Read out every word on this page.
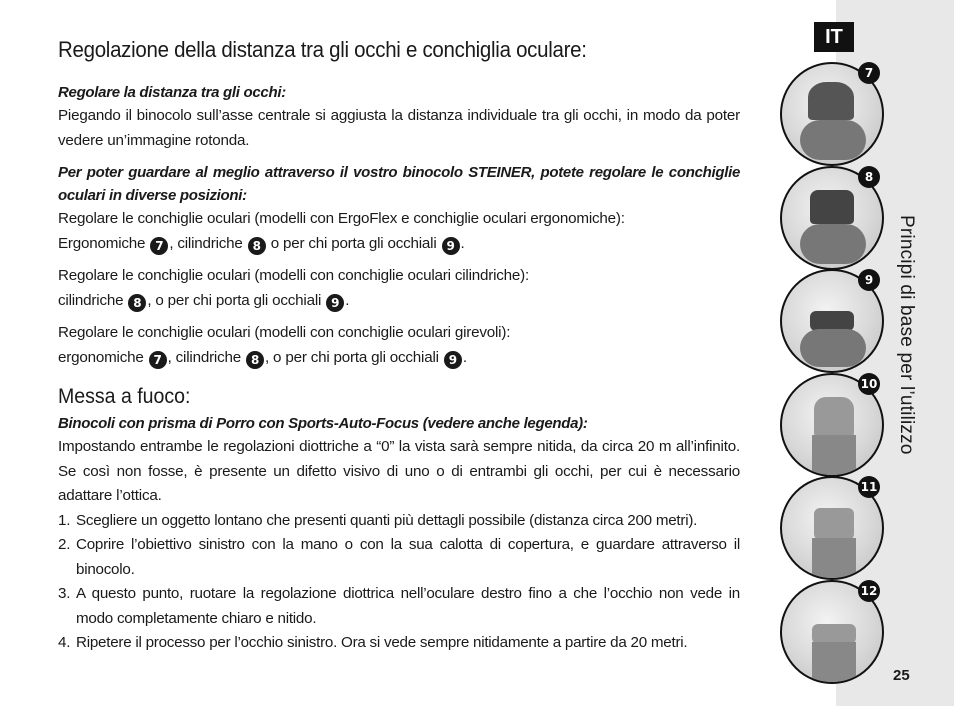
IT
Principi di base per l’utilizzo
Regolazione della distanza tra gli occhi e conchiglia oculare:

Regolare la distanza tra gli occhi:

Piegando il binocolo sull’asse centrale si aggiusta la distanza individuale tra gli occhi, in modo da poter vedere un’immagine rotonda.

Per poter guardare al meglio attraverso il vostro binocolo STEINER, potete regolare le conchiglie oculari in diverse posizioni:

Regolare le conchiglie oculari (modelli con ErgoFlex e conchiglie oculari ergonomiche):
Ergonomiche 7 , cilindriche 8 o per chi porta gli occhiali 9 .

Regolare le conchiglie oculari (modelli con conchiglie oculari cilindriche):
cilindriche 8 , o per chi porta gli occhiali 9 .

Regolare le conchiglie oculari (modelli con conchiglie oculari girevoli):
ergonomiche 7 , cilindriche 8 , o per chi porta gli occhiali 9 .

Messa a fuoco:

Binocoli con prisma di Porro con Sports-Auto-Focus (vedere anche legenda):

Impostando entrambe le regolazioni diottriche a “0” la vista sarà sempre nitida, da circa 20 m all’infinito. Se così non fosse, è presente un difetto visivo di uno o di entrambi gli occhi, per cui è necessario adattare l’ottica.

1. Scegliere un oggetto lontano che presenti quanti più dettagli possibile (distanza circa 200 metri).
2. Coprire l’obiettivo sinistro con la mano o con la sua calotta di copertura, e guardare attraverso il binocolo.
3. A questo punto, ruotare la regolazione diottrica nell’oculare destro fino a che l’occhio non vede in modo completamente chiaro e nitido.
4. Ripetere il processo per l’occhio sinistro. Ora si vede sempre nitidamente a partire da 20 metri.
7
8
9
10
11
12
25
